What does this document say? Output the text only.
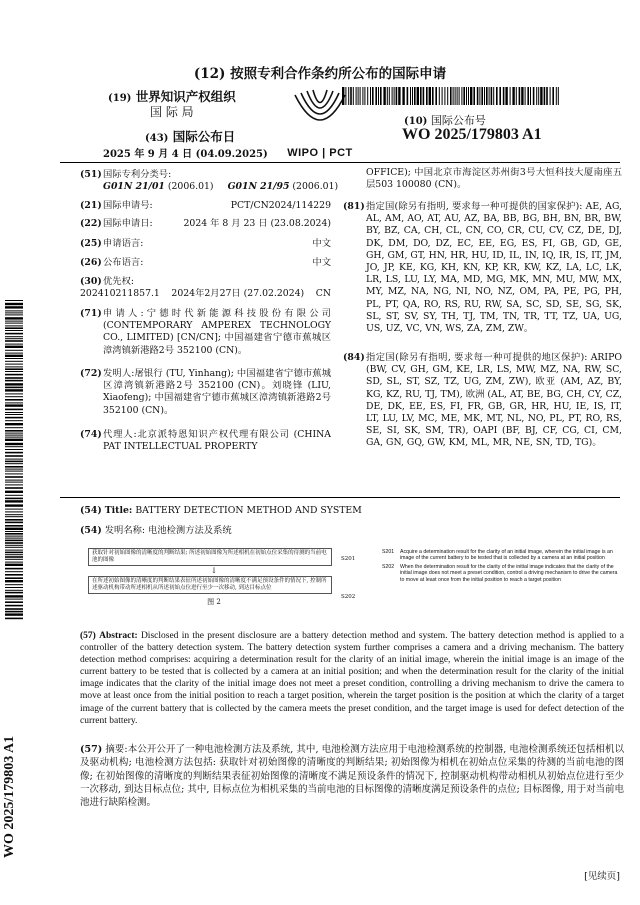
(12) 按照专利合作条约所公布的国际申请
(19) 世界知识产权组织
国 际 局
(43) 国际公布日
2025 年 9 月 4 日 (04.09.2025)	WIPO | PCT
(10) 国际公布号
WO 2025/179803 A1
WO 2025/179803 A1
(51) 国际专利分类号:
G01N 21/01 (2006.01) G01N 21/95 (2006.01)
(21) 国际申请号:	PCT/CN2024/114229
(22) 国际申请日:	2024 年 8 月 23 日 (23.08.2024)
(25) 申请语言:	中文
(26) 公布语言:	中文
(30) 优先权:
202410211857.1 2024年2月27日 (27.02.2024) CN
(71) 申请人:宁德时代新能源科技股份有限公司 (CONTEMPORARY AMPEREX TECHNOLOGY CO., LIMITED) [CN/CN]; 中国福建省宁德市蕉城区漳湾镇新港路2号 352100 (CN)。
(72) 发明人:屠银行 (TU, Yinhang); 中国福建省宁德市蕉城区漳湾镇新港路2号 352100 (CN)。刘晓锋 (LIU, Xiaofeng); 中国福建省宁德市蕉城区漳湾镇新港路2号 352100 (CN)。
(74) 代理人:北京派特恩知识产权代理有限公司 (CHINA PAT INTELLECTUAL PROPERTY
OFFICE); 中国北京市海淀区苏州街3号大恒科技大厦南座五层503 100080 (CN)。
(81) 指定国(除另有指明, 要求每一种可提供的国家保护): AE, AG, AL, AM, AO, AT, AU, AZ, BA, BB, BG, BH, BN, BR, BW, BY, BZ, CA, CH, CL, CN, CO, CR, CU, CV, CZ, DE, DJ, DK, DM, DO, DZ, EC, EE, EG, ES, FI, GB, GD, GE, GH, GM, GT, HN, HR, HU, ID, IL, IN, IQ, IR, IS, IT, JM, JO, JP, KE, KG, KH, KN, KP, KR, KW, KZ, LA, LC, LK, LR, LS, LU, LY, MA, MD, MG, MK, MN, MU, MW, MX, MY, MZ, NA, NG, NI, NO, NZ, OM, PA, PE, PG, PH, PL, PT, QA, RO, RS, RU, RW, SA, SC, SD, SE, SG, SK, SL, ST, SV, SY, TH, TJ, TM, TN, TR, TT, TZ, UA, UG, US, UZ, VC, VN, WS, ZA, ZM, ZW。
(84) 指定国(除另有指明, 要求每一种可提供的地区保护): ARIPO (BW, CV, GH, GM, KE, LR, LS, MW, MZ, NA, RW, SC, SD, SL, ST, SZ, TZ, UG, ZM, ZW), 欧亚 (AM, AZ, BY, KG, KZ, RU, TJ, TM), 欧洲 (AL, AT, BE, BG, CH, CY, CZ, DE, DK, EE, ES, FI, FR, GB, GR, HR, HU, IE, IS, IT, LT, LU, LV, MC, ME, MK, MT, NL, NO, PL, PT, RO, RS, SE, SI, SK, SM, TR), OAPI (BF, BJ, CF, CG, CI, CM, GA, GN, GQ, GW, KM, ML, MR, NE, SN, TD, TG)。
(54) Title: BATTERY DETECTION METHOD AND SYSTEM
(54) 发明名称: 电池检测方法及系统
获取针对初始图像的清晰度的判断结果; 所述初始图像为所述相机在初始点位采集的待测的当前电池的图像
↓
在所述初始图像的清晰度的判断结果表征所述初始图像的清晰度不满足预设条件的情况下, 控制所述驱动机构带动所述相机从所述初始点位进行至少一次移动, 到达目标点位
图 2
S201
S202
S201	Acquire a determination result for the clarity of an initial image, wherein the initial image is an image of the current battery to be tested that is collected by a camera at an initial position
S202	When the determination result for the clarity of the initial image indicates that the clarity of the initial image does not meet a preset condition, control a driving mechanism to drive the camera to move at least once from the initial position to reach a target position
(57) Abstract: Disclosed in the present disclosure are a battery detection method and system. The battery detection method is applied to a controller of the battery detection system. The battery detection system further comprises a camera and a driving mechanism. The battery detection method comprises: acquiring a determination result for the clarity of an initial image, wherein the initial image is an image of the current battery to be tested that is collected by a camera at an initial position; and when the determination result for the clarity of the initial image indicates that the clarity of the initial image does not meet a preset condition, controlling a driving mechanism to drive the camera to move at least once from the initial position to reach a target position, wherein the target position is the position at which the clarity of a target image of the current battery that is collected by the camera meets the preset condition, and the target image is used for defect detection of the current battery.
(57) 摘要:本公开公开了一种电池检测方法及系统, 其中, 电池检测方法应用于电池检测系统的控制器, 电池检测系统还包括相机以及驱动机构; 电池检测方法包括: 获取针对初始图像的清晰度的判断结果; 初始图像为相机在初始点位采集的待测的当前电池的图像; 在初始图像的清晰度的判断结果表征初始图像的清晰度不满足预设条件的情况下, 控制驱动机构带动相机从初始点位进行至少一次移动, 到达目标点位; 其中, 目标点位为相机采集的当前电池的目标图像的清晰度满足预设条件的点位; 目标图像, 用于对当前电池进行缺陷检测。
[见续页]
